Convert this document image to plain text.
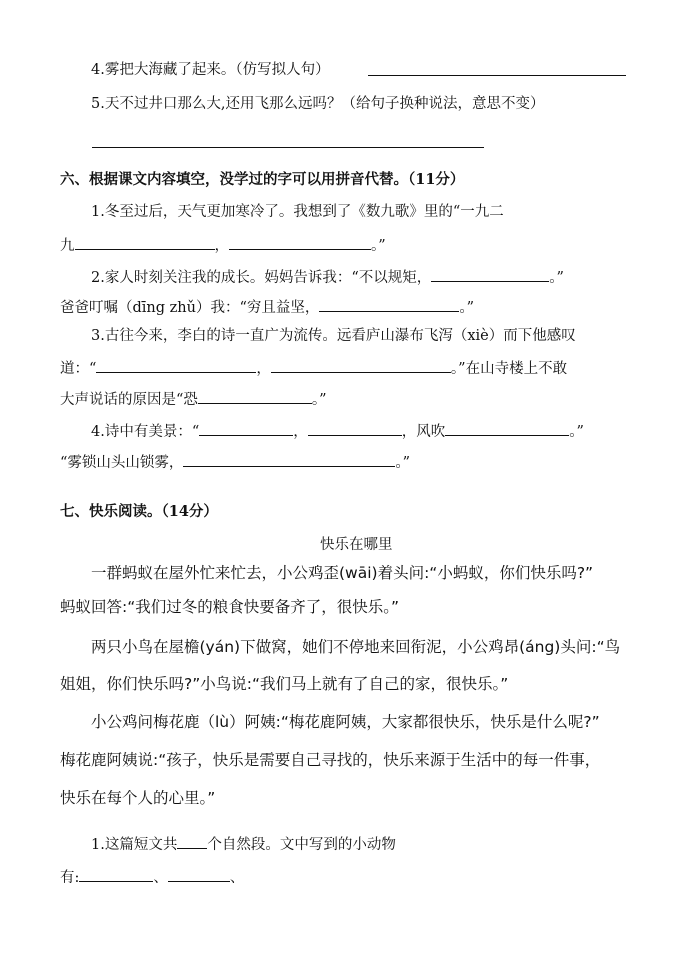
4.雾把大海藏了起来。（仿写拟人句）
5.天不过井口那么大,还用飞那么远吗？（给句子换种说法，意思不变）
六、根据课文内容填空，没学过的字可以用拼音代替。（11分）
1.冬至过后，天气更加寒冷了。我想到了《数九歌》里的“一九二
九	，	。”
2.家人时刻关注我的成长。妈妈告诉我：“不以规矩，	。”
爸爸叮嘱（dīng zhǔ）我：“穷且益坚，	。”
3.古往今来，李白的诗一直广为流传。远看庐山瀑布飞泻（xiè）而下他感叹
道：“	，	。”在山寺楼上不敢
大声说话的原因是“恐	。”
4.诗中有美景：“	，	，风吹	。”
“雾锁山头山锁雾，	。”
七、快乐阅读。（14分）
快乐在哪里
一群蚂蚁在屋外忙来忙去，小公鸡歪(wāi)着头问:“小蚂蚁，你们快乐吗?”
蚂蚁回答:“我们过冬的粮食快要备齐了，很快乐。”
两只小鸟在屋檐(yán)下做窝，她们不停地来回衔泥，小公鸡昂(áng)头问:“鸟
姐姐，你们快乐吗?”小鸟说:“我们马上就有了自己的家，很快乐。”
小公鸡问梅花鹿（lù）阿姨:“梅花鹿阿姨，大家都很快乐，快乐是什么呢?”
梅花鹿阿姨说:“孩子，快乐是需要自己寻找的，快乐来源于生活中的每一件事，
快乐在每个人的心里。”
1.这篇短文共 个自然段。文中写到的小动物
有:	、	、
